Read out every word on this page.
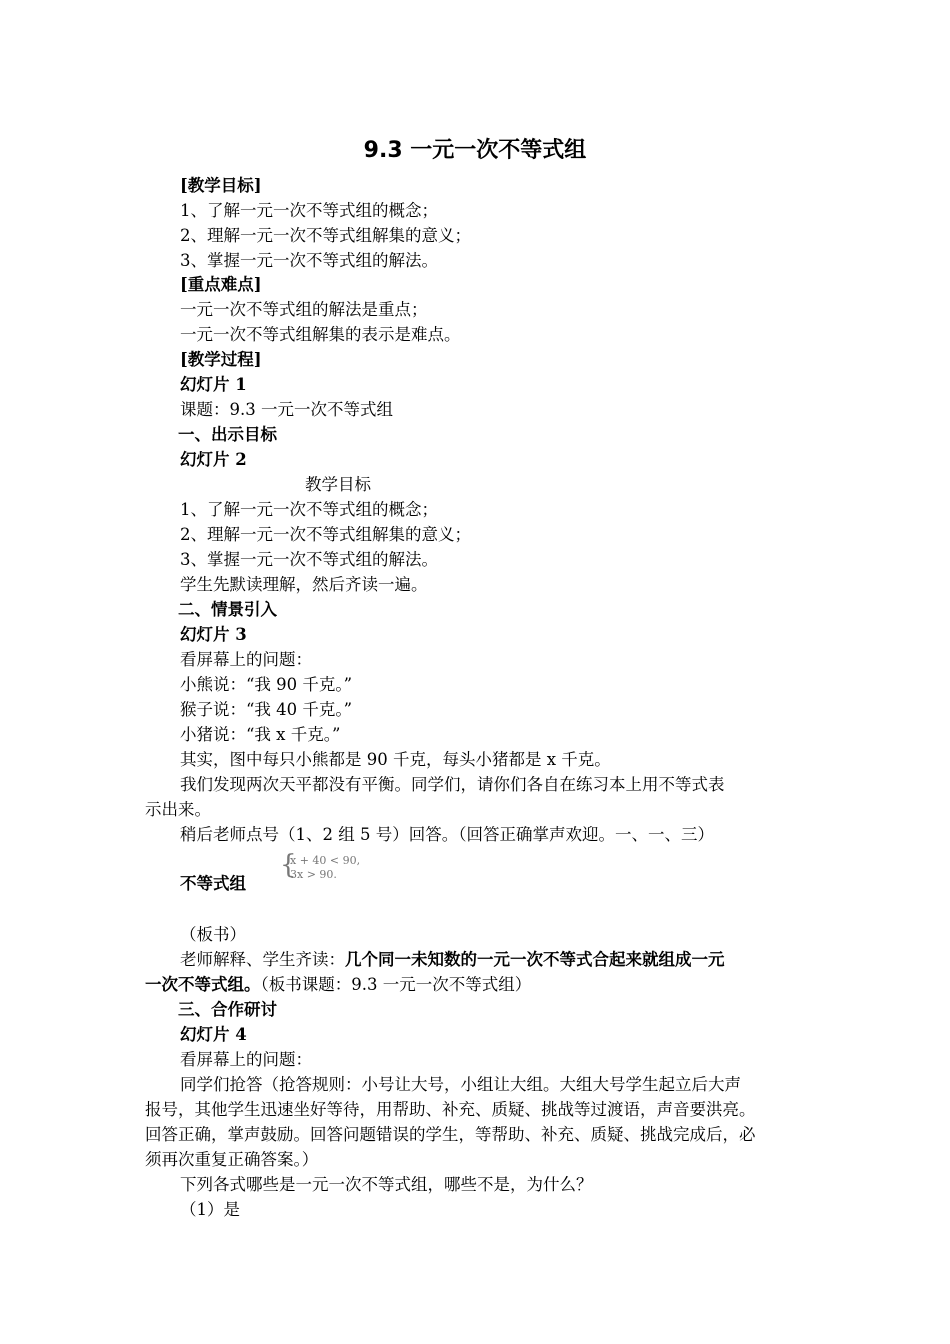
9.3 一元一次不等式组
[教学目标]
1、了解一元一次不等式组的概念；
2、理解一元一次不等式组解集的意义；
3、掌握一元一次不等式组的解法。
[重点难点]
一元一次不等式组的解法是重点；
一元一次不等式组解集的表示是难点。
[教学过程]
幻灯片 1
课题：9.3 一元一次不等式组
一、出示目标
幻灯片 2
教学目标
1、了解一元一次不等式组的概念；
2、理解一元一次不等式组解集的意义；
3、掌握一元一次不等式组的解法。
学生先默读理解，然后齐读一遍。
二、情景引入
幻灯片 3
看屏幕上的问题：
小熊说：“我 90 千克。”
猴子说：“我 40 千克。”
小猪说：“我 x 千克。”
其实，图中每只小熊都是 90 千克，每头小猪都是 x 千克。
我们发现两次天平都没有平衡。同学们，请你们各自在练习本上用不等式表
示出来。
稍后老师点号（1、2 组 5 号）回答。（回答正确掌声欢迎。一、一、三）
不等式组
{
x + 40 < 90,
3x > 90.
（板书）
老师解释、学生齐读：几个同一未知数的一元一次不等式合起来就组成一元
一次不等式组。（板书课题：9.3 一元一次不等式组）
三、合作研讨
幻灯片 4
看屏幕上的问题：
同学们抢答（抢答规则：小号让大号，小组让大组。大组大号学生起立后大声
报号，其他学生迅速坐好等待，用帮助、补充、质疑、挑战等过渡语，声音要洪亮。
回答正确，掌声鼓励。回答问题错误的学生，等帮助、补充、质疑、挑战完成后，必
须再次重复正确答案。）
下列各式哪些是一元一次不等式组，哪些不是，为什么？
（1）是
